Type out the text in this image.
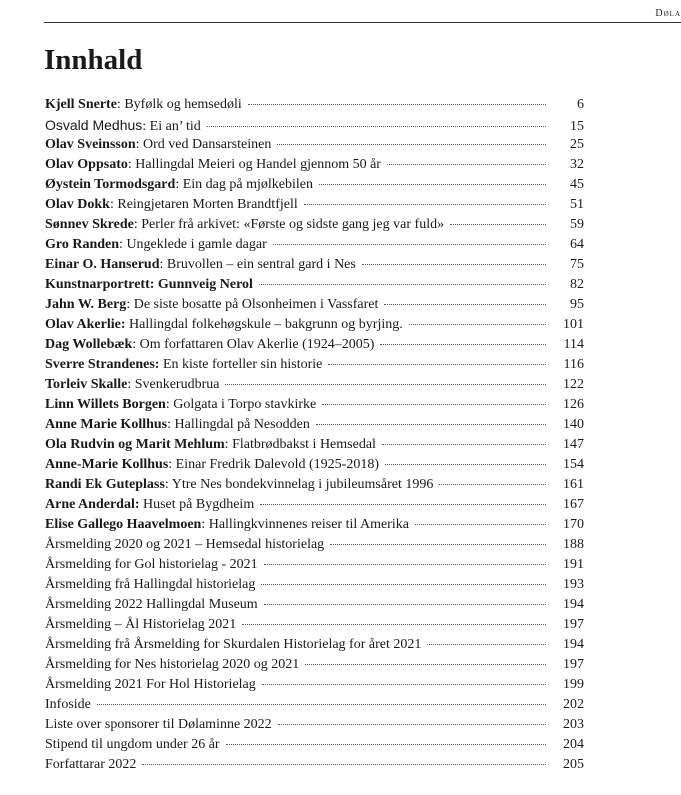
Døla
Innhald
Kjell Snerte: Byfølk og hemsedøli	6
Osvald Medhus: Ei an’ tid	15
Olav Sveinsson: Ord ved Dansarsteinen	25
Olav Oppsato: Hallingdal Meieri og Handel gjennom 50 år	32
Øystein Tormodsgard: Ein dag på mjølkebilen	45
Olav Dokk: Reingjetaren Morten Brandtfjell	51
Sønnev Skrede: Perler frå arkivet: «Første og sidste gang jeg var fuld»	59
Gro Randen: Ungeklede i gamle dagar	64
Einar O. Hanserud: Bruvollen – ein sentral gard i Nes	75
Kunstnarportrett: Gunnveig Nerol	82
Jahn W. Berg: De siste bosatte på Olsonheimen i Vassfaret	95
Olav Akerlie: Hallingdal folkehøgskule – bakgrunn og byrjing.	101
Dag Wollebæk: Om forfattaren Olav Akerlie (1924–2005)	114
Sverre Strandenes: En kiste forteller sin historie	116
Torleiv Skalle: Svenkerudbrua	122
Linn Willets Borgen: Golgata i Torpo stavkirke	126
Anne Marie Kollhus: Hallingdal på Nesodden	140
Ola Rudvin og Marit Mehlum: Flatbrødbakst i Hemsedal	147
Anne-Marie Kollhus: Einar Fredrik Dalevold (1925-2018)	154
Randi Ek Guteplass: Ytre Nes bondekvinnelag i jubileumsåret 1996	161
Arne Anderdal: Huset på Bygdheim	167
Elise Gallego Haavelmoen: Hallingkvinnenes reiser til Amerika	170
Årsmelding 2020 og 2021 – Hemsedal historielag	188
Årsmelding for Gol historielag - 2021	191
Årsmelding frå Hallingdal historielag	193
Årsmelding 2022 Hallingdal Museum	194
Årsmelding – Ål Historielag 2021	197
Årsmelding frå Årsmelding for Skurdalen Historielag for året 2021	194
Årsmelding for Nes historielag 2020 og 2021	197
Årsmelding 2021 For Hol Historielag	199
Infoside	202
Liste over sponsorer til Dølaminne 2022	203
Stipend til ungdom under 26 år	204
Forfattarar 2022	205
